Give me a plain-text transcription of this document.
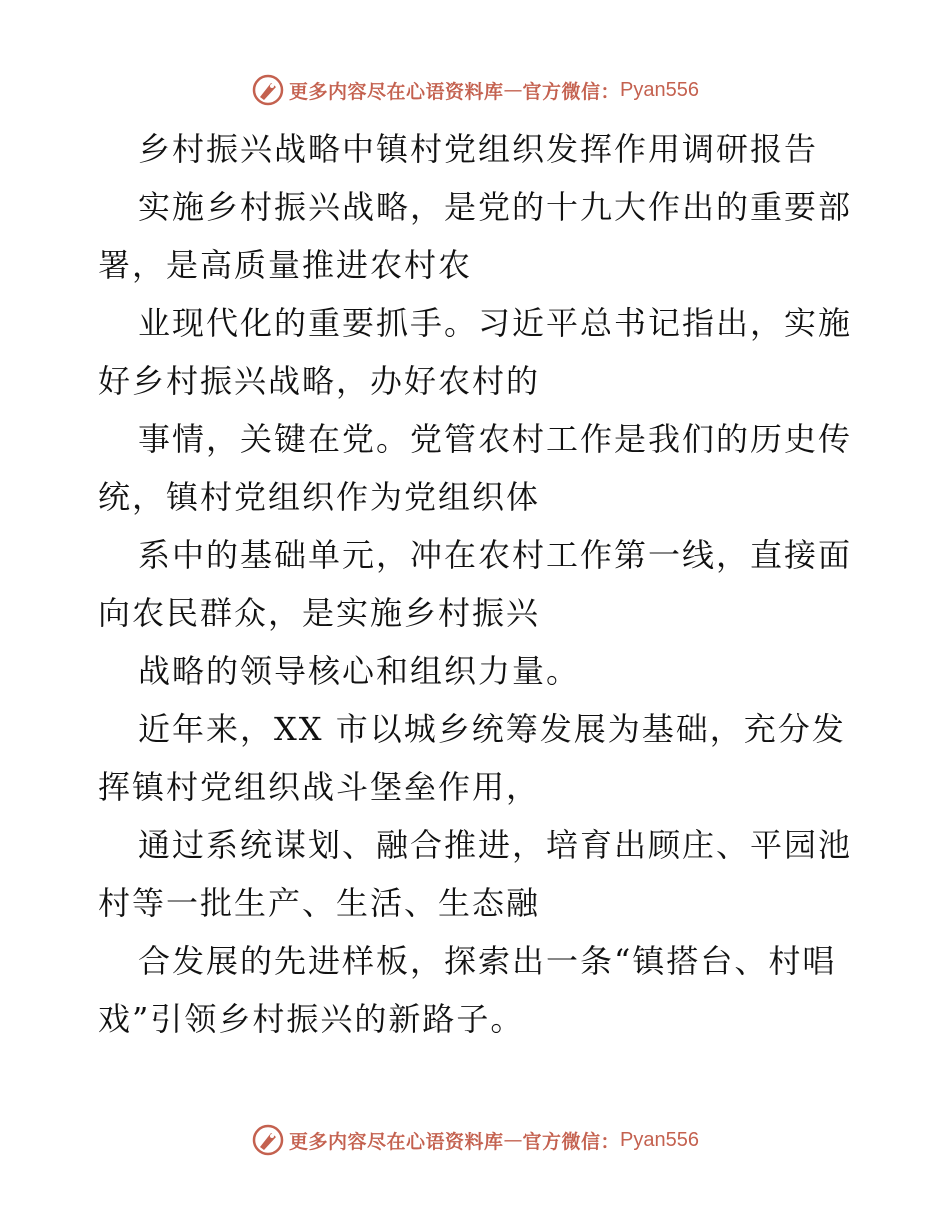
更多内容尽在心语资料库 — 官方微信： Pyan556
乡村振兴战略中镇村党组织发挥作用调研报告
实施乡村振兴战略，是党的十九大作出的重要部
署，是高质量推进农村农
业现代化的重要抓手。习近平总书记指出，实施
好乡村振兴战略，办好农村的
事情，关键在党。党管农村工作是我们的历史传
统，镇村党组织作为党组织体
系中的基础单元，冲在农村工作第一线，直接面
向农民群众，是实施乡村振兴
战略的领导核心和组织力量。
近年来，XX 市以城乡统筹发展为基础，充分发
挥镇村党组织战斗堡垒作用，
通过系统谋划、融合推进，培育出顾庄、平园池
村等一批生产、生活、生态融
合发展的先进样板，探索出一条“镇搭台、村唱
戏”引领乡村振兴的新路子。
更多内容尽在心语资料库 — 官方微信： Pyan556
